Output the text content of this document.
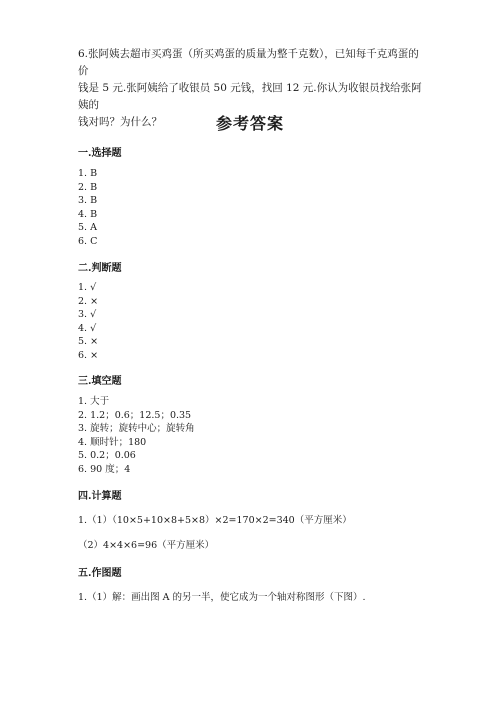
6.张阿姨去超市买鸡蛋（所买鸡蛋的质量为整千克数），已知每千克鸡蛋的价

钱是 5 元.张阿姨给了收银员 50 元钱，找回 12 元.你认为收银员找给张阿姨的

钱对吗？为什么？	参考答案
一.选择题
1. B
2. B
3. B
4. B
5. A
6. C
二.判断题
1. √
2. ×
3. √
4. √
5. ×
6. ×
三.填空题
1. 大于
2. 1.2；0.6；12.5；0.35
3. 旋转；旋转中心；旋转角
4. 顺时针；180
5. 0.2；0.06
6. 90 度；4
四.计算题
1.（1）（10×5+10×8+5×8）×2=170×2=340（平方厘米）
（2）4×4×6=96（平方厘米）
五.作图题
1.（1）解：画出图 A 的另一半，使它成为一个轴对称图形（下图）.
